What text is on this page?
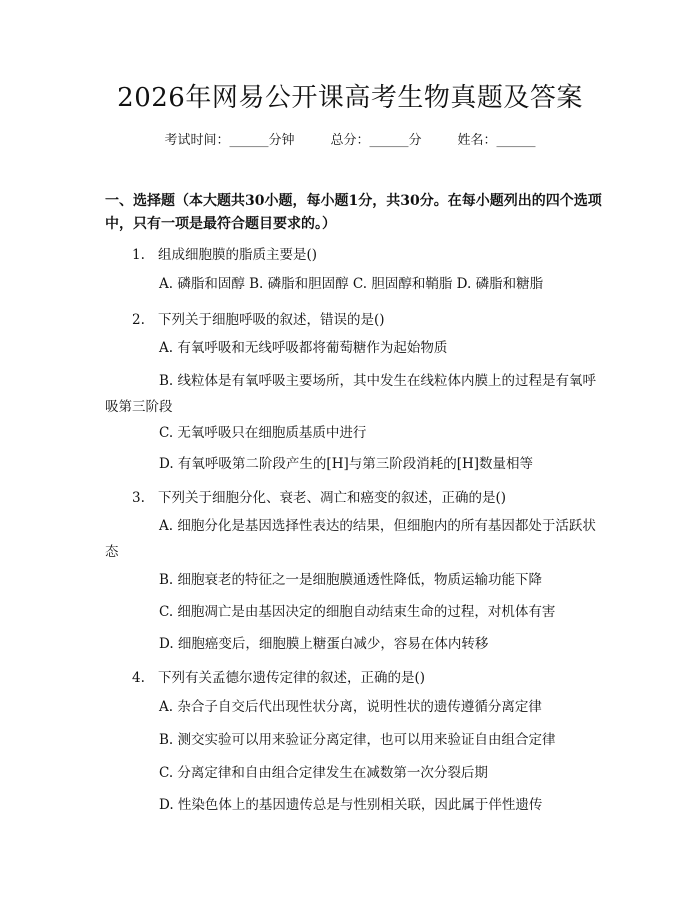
2026年网易公开课高考生物真题及答案
考试时间：______分钟	总分：______分	姓名：______
一、选择题（本大题共30小题，每小题1分，共30分。在每小题列出的四个选项中，只有一项是最符合题目要求的。）
1. 组成细胞膜的脂质主要是()
A. 磷脂和固醇 B. 磷脂和胆固醇 C. 胆固醇和鞘脂 D. 磷脂和糖脂
2. 下列关于细胞呼吸的叙述，错误的是()
A. 有氧呼吸和无线呼吸都将葡萄糖作为起始物质
B. 线粒体是有氧呼吸主要场所，其中发生在线粒体内膜上的过程是有氧呼吸第三阶段
C. 无氧呼吸只在细胞质基质中进行
D. 有氧呼吸第二阶段产生的[H]与第三阶段消耗的[H]数量相等
3. 下列关于细胞分化、衰老、凋亡和癌变的叙述，正确的是()
A. 细胞分化是基因选择性表达的结果，但细胞内的所有基因都处于活跃状态
B. 细胞衰老的特征之一是细胞膜通透性降低，物质运输功能下降
C. 细胞凋亡是由基因决定的细胞自动结束生命的过程，对机体有害
D. 细胞癌变后，细胞膜上糖蛋白减少，容易在体内转移
4. 下列有关孟德尔遗传定律的叙述，正确的是()
A. 杂合子自交后代出现性状分离，说明性状的遗传遵循分离定律
B. 测交实验可以用来验证分离定律，也可以用来验证自由组合定律
C. 分离定律和自由组合定律发生在减数第一次分裂后期
D. 性染色体上的基因遗传总是与性别相关联，因此属于伴性遗传
